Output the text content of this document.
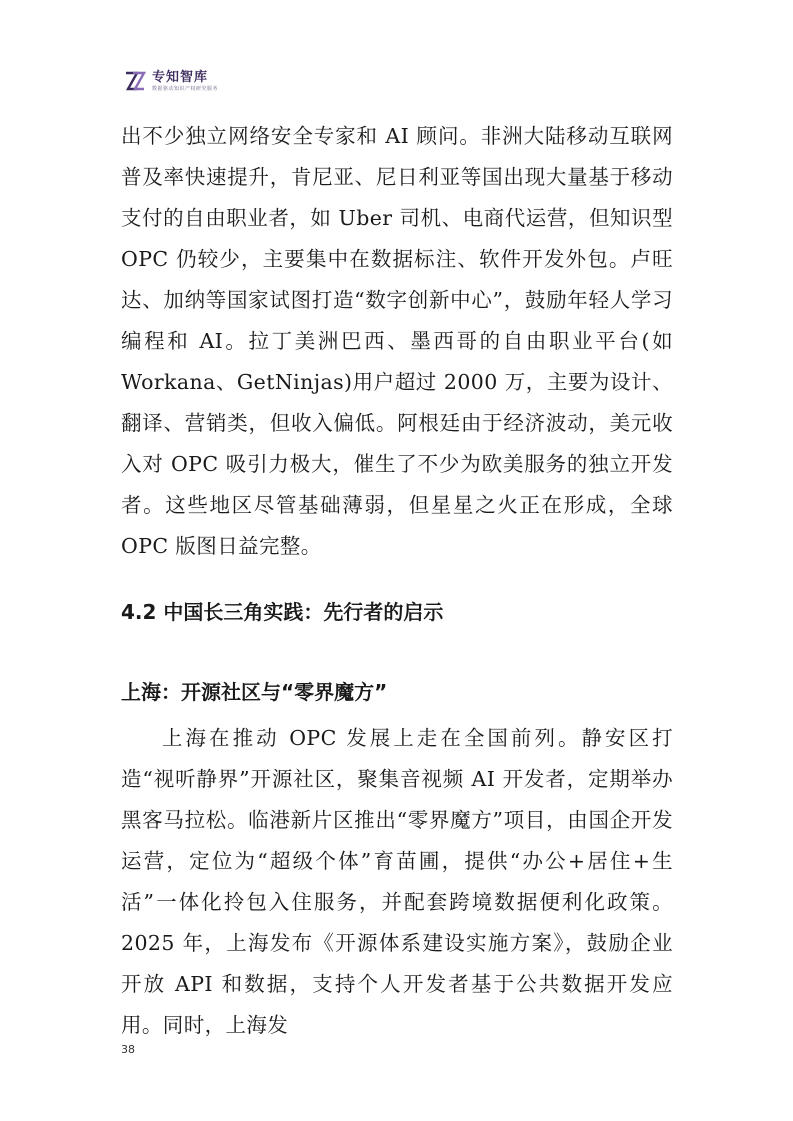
专知智库
数据驱动知识产权研究服务

出不少独立网络安全专家和 AI 顾问。非洲大陆移动互联网普及率快速提升，肯尼亚、尼日利亚等国出现大量基于移动支付的自由职业者，如 Uber 司机、电商代运营，但知识型 OPC 仍较少，主要集中在数据标注、软件开发外包。卢旺达、加纳等国家试图打造“数字创新中心”，鼓励年轻人学习编程和 AI。拉丁美洲巴西、墨西哥的自由职业平台(如 Workana、GetNinjas)用户超过 2000 万，主要为设计、翻译、营销类，但收入偏低。阿根廷由于经济波动，美元收入对 OPC 吸引力极大，催生了不少为欧美服务的独立开发者。这些地区尽管基础薄弱，但星星之火正在形成，全球 OPC 版图日益完整。

4.2 中国长三角实践：先行者的启示
上海：开源社区与“零界魔方”

上海在推动 OPC 发展上走在全国前列。静安区打造“视听静界”开源社区，聚集音视频 AI 开发者，定期举办黑客马拉松。临港新片区推出“零界魔方”项目，由国企开发运营，定位为“超级个体”育苗圃，提供“办公+居住+生活”一体化拎包入住服务，并配套跨境数据便利化政策。2025 年，上海发布《开源体系建设实施方案》，鼓励企业开放 API 和数据，支持个人开发者基于公共数据开发应用。同时，上海发

38
